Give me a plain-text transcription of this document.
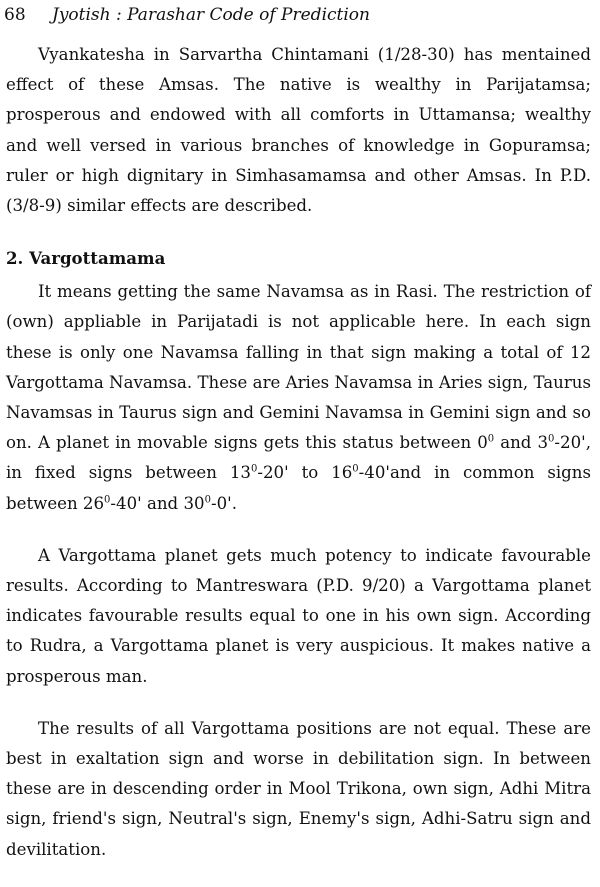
68 Jyotish : Parashar Code of Prediction

Vyankatesha in Sarvartha Chintamani (1/28-30) has mentained effect of these Amsas. The native is wealthy in Parijatamsa; prosperous and endowed with all comforts in Uttamansa; wealthy and well versed in various branches of knowledge in Gopuramsa; ruler or high dignitary in Simhasamamsa and other Amsas. In P.D. (3/8-9) similar effects are described.

2. Vargottamama

It means getting the same Navamsa as in Rasi. The restriction of (own) appliable in Parijatadi is not applicable here. In each sign these is only one Navamsa falling in that sign making a total of 12 Vargottama Navamsa. These are Aries Navamsa in Aries sign, Taurus Navamsas in Taurus sign and Gemini Navamsa in Gemini sign and so on. A planet in movable signs gets this status between $0^0$ and $3^0-20'$, in fixed signs between $13^0-20'$ to $16^0-40'and$ in common signs between $26^0-40'$ and $30^0-0'$.

A Vargottama planet gets much potency to indicate favourable results. According to Mantreswara (P.D. 9/20) a Vargottama planet indicates favourable results equal to one in his own sign. According to Rudra, a Vargottama planet is very auspicious. It makes native a prosperous man.

The results of all Vargottama positions are not equal. These are best in exaltation sign and worse in debilitation sign. In between these are in descending order in Mool Trikona, own sign, Adhi Mitra sign, friend's sign, Neutral's sign, Enemy's sign, Adhi-Satru sign and devilitation.
